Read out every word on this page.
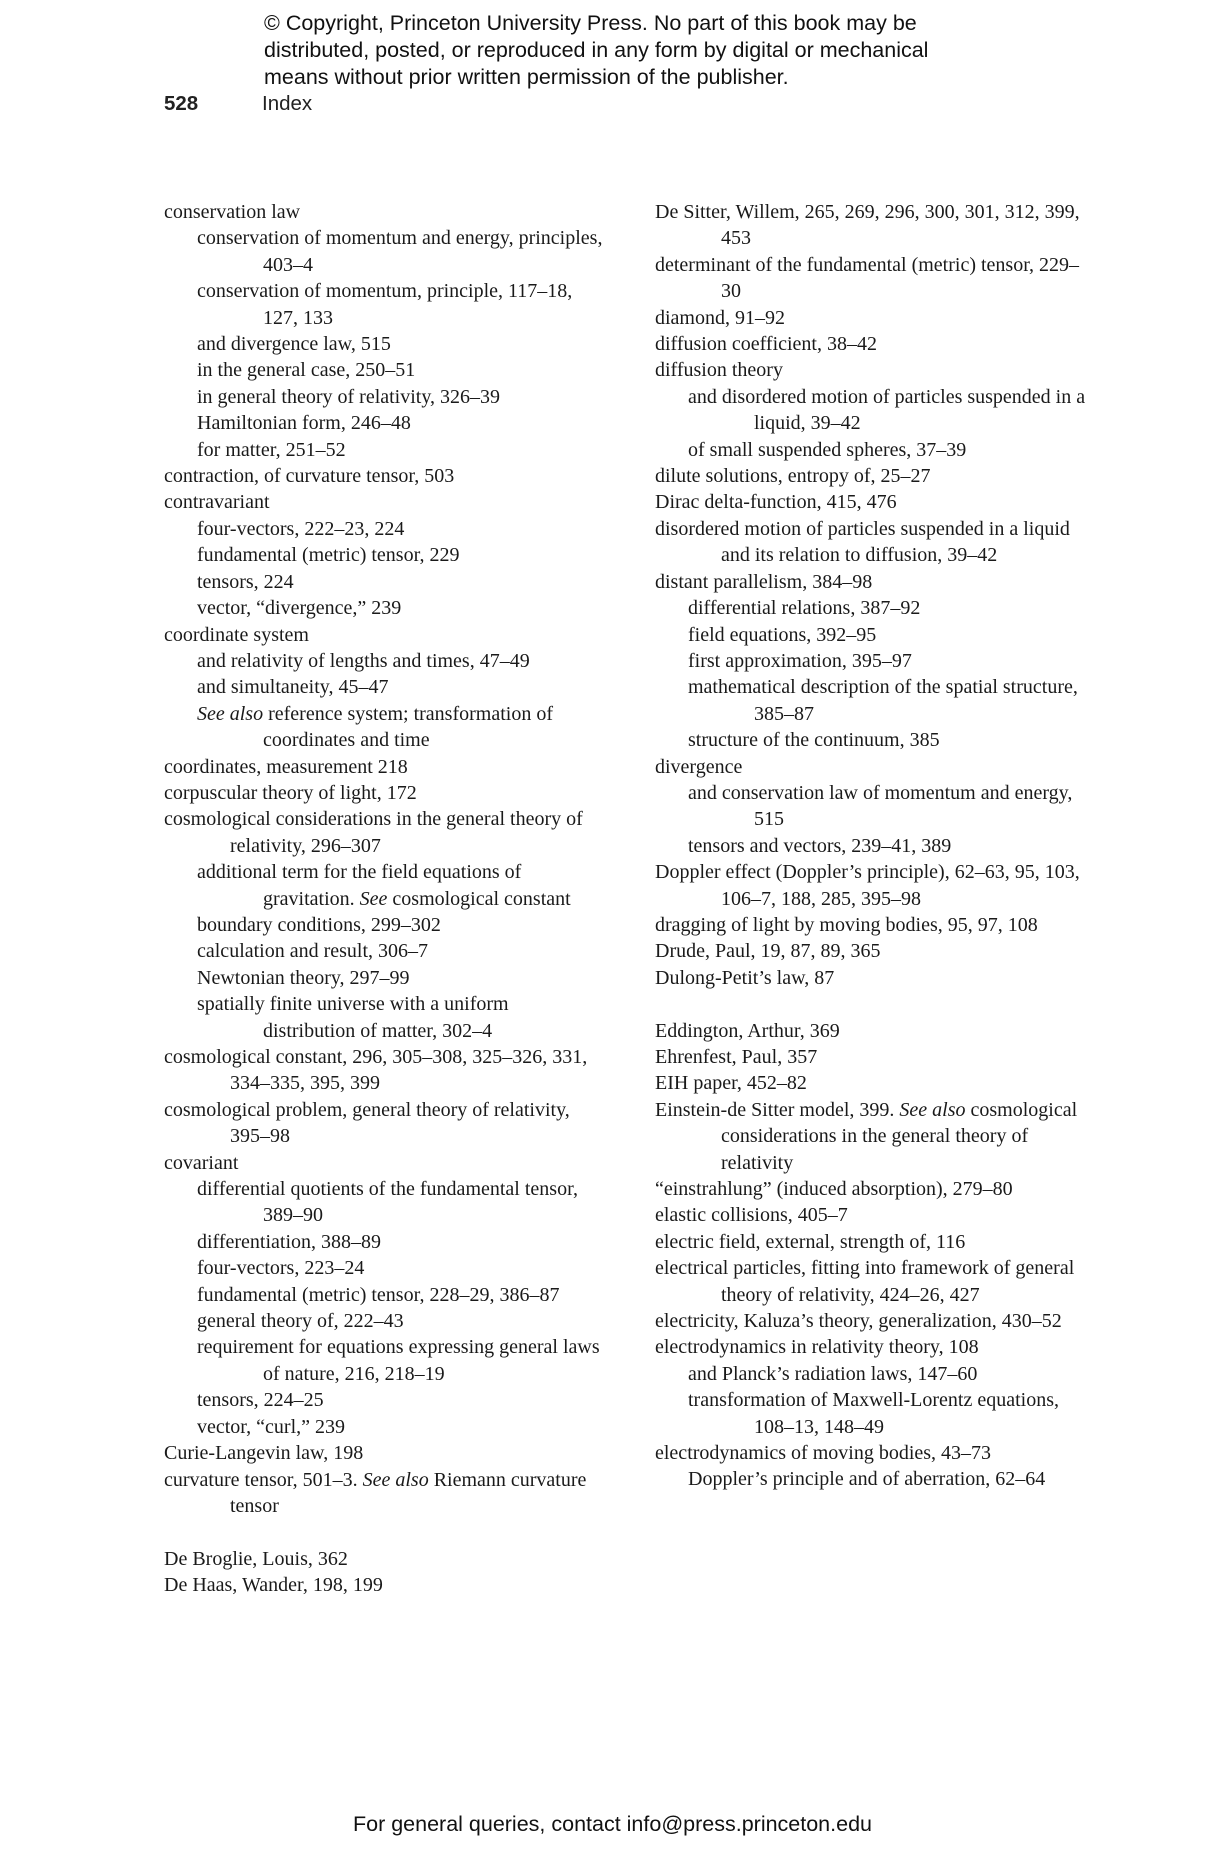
© Copyright, Princeton University Press. No part of this book may be
distributed, posted, or reproduced in any form by digital or mechanical
means without prior written permission of the publisher.
528	Index
conservation law
conservation of momentum and energy, principles, 403–4
conservation of momentum, principle, 117–18, 127, 133
and divergence law, 515
in the general case, 250–51
in general theory of relativity, 326–39
Hamiltonian form, 246–48
for matter, 251–52
contraction, of curvature tensor, 503
contravariant
four-vectors, 222–23, 224
fundamental (metric) tensor, 229
tensors, 224
vector, “divergence,” 239
coordinate system
and relativity of lengths and times, 47–49
and simultaneity, 45–47
See also reference system; transformation of coordinates and time
coordinates, measurement 218
corpuscular theory of light, 172
cosmological considerations in the general theory of relativity, 296–307
additional term for the field equations of gravitation. See cosmological constant
boundary conditions, 299–302
calculation and result, 306–7
Newtonian theory, 297–99
spatially finite universe with a uniform distribution of matter, 302–4
cosmological constant, 296, 305–308, 325–326, 331, 334–335, 395, 399
cosmological problem, general theory of relativity, 395–98
covariant
differential quotients of the fundamental tensor, 389–90
differentiation, 388–89
four-vectors, 223–24
fundamental (metric) tensor, 228–29, 386–87
general theory of, 222–43
requirement for equations expressing general laws of nature, 216, 218–19
tensors, 224–25
vector, “curl,” 239
Curie-Langevin law, 198
curvature tensor, 501–3. See also Riemann curvature tensor
De Broglie, Louis, 362
De Haas, Wander, 198, 199
De Sitter, Willem, 265, 269, 296, 300, 301, 312, 399, 453
determinant of the fundamental (metric) tensor, 229–30
diamond, 91–92
diffusion coefficient, 38–42
diffusion theory
and disordered motion of particles suspended in a liquid, 39–42
of small suspended spheres, 37–39
dilute solutions, entropy of, 25–27
Dirac delta-function, 415, 476
disordered motion of particles suspended in a liquid and its relation to diffusion, 39–42
distant parallelism, 384–98
differential relations, 387–92
field equations, 392–95
first approximation, 395–97
mathematical description of the spatial structure, 385–87
structure of the continuum, 385
divergence
and conservation law of momentum and energy, 515
tensors and vectors, 239–41, 389
Doppler effect (Doppler’s principle), 62–63, 95, 103, 106–7, 188, 285, 395–98
dragging of light by moving bodies, 95, 97, 108
Drude, Paul, 19, 87, 89, 365
Dulong-Petit’s law, 87
Eddington, Arthur, 369
Ehrenfest, Paul, 357
EIH paper, 452–82
Einstein-de Sitter model, 399. See also cosmological considerations in the general theory of relativity
“einstrahlung” (induced absorption), 279–80
elastic collisions, 405–7
electric field, external, strength of, 116
electrical particles, fitting into framework of general theory of relativity, 424–26, 427
electricity, Kaluza’s theory, generalization, 430–52
electrodynamics in relativity theory, 108
and Planck’s radiation laws, 147–60
transformation of Maxwell-Lorentz equations, 108–13, 148–49
electrodynamics of moving bodies, 43–73
Doppler’s principle and of aberration, 62–64
For general queries, contact info@press.princeton.edu
